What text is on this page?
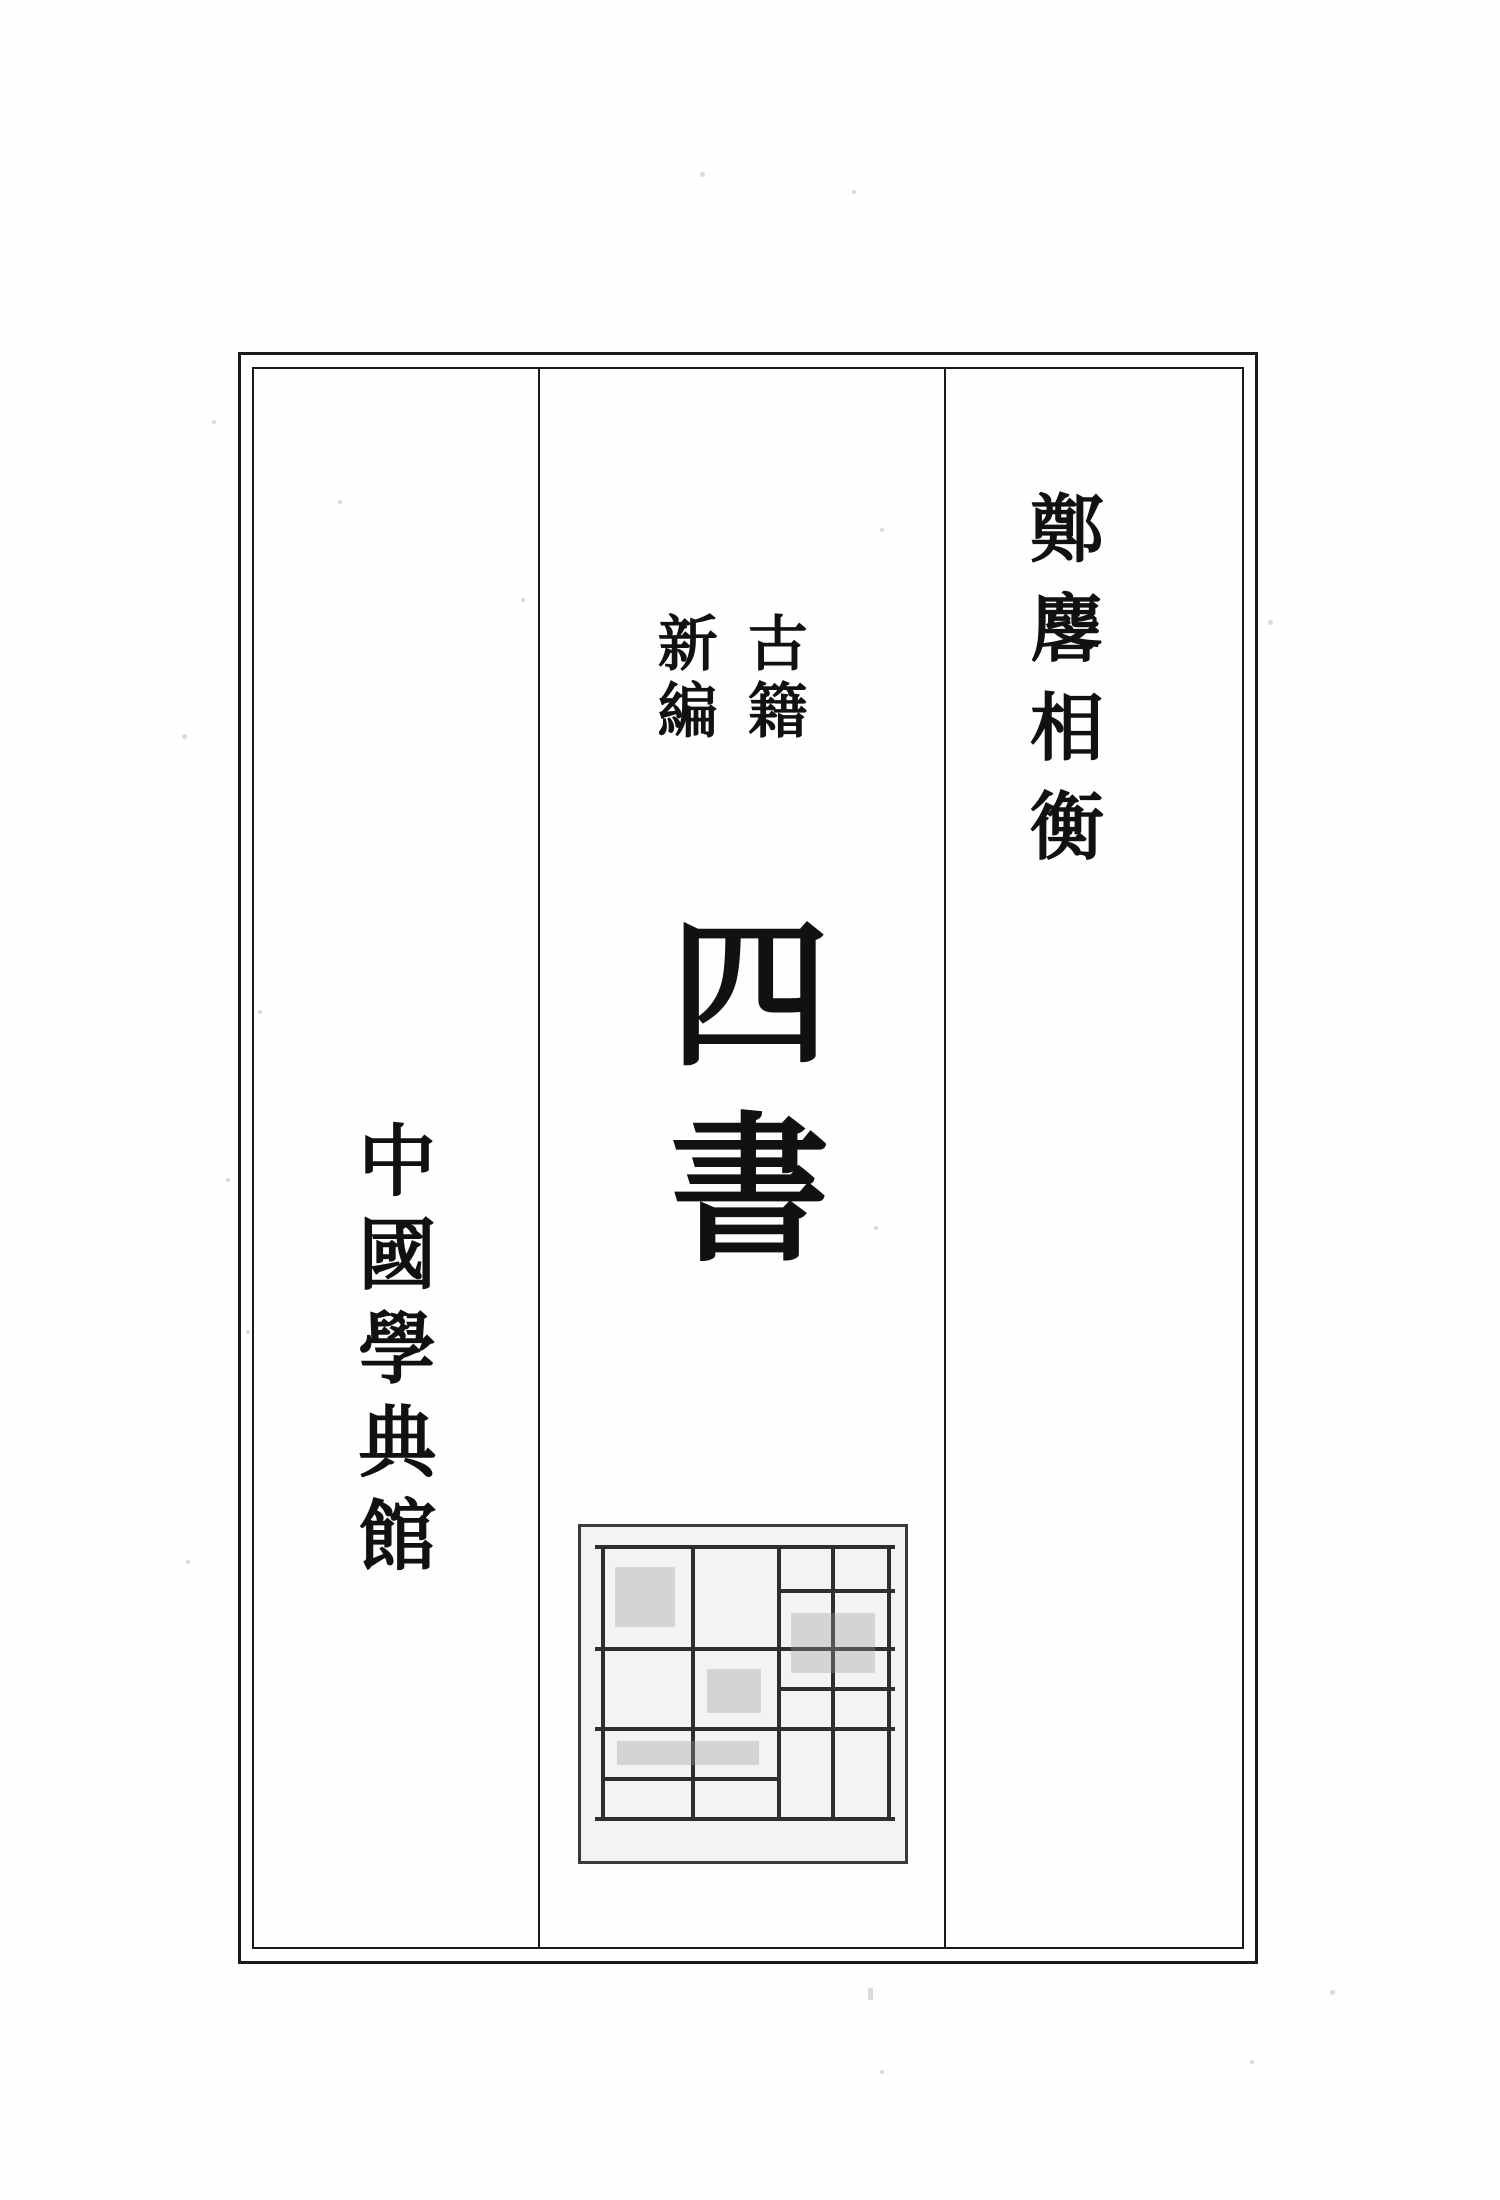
鄭麐相衡
古籍
新編
四書
中國學典館
